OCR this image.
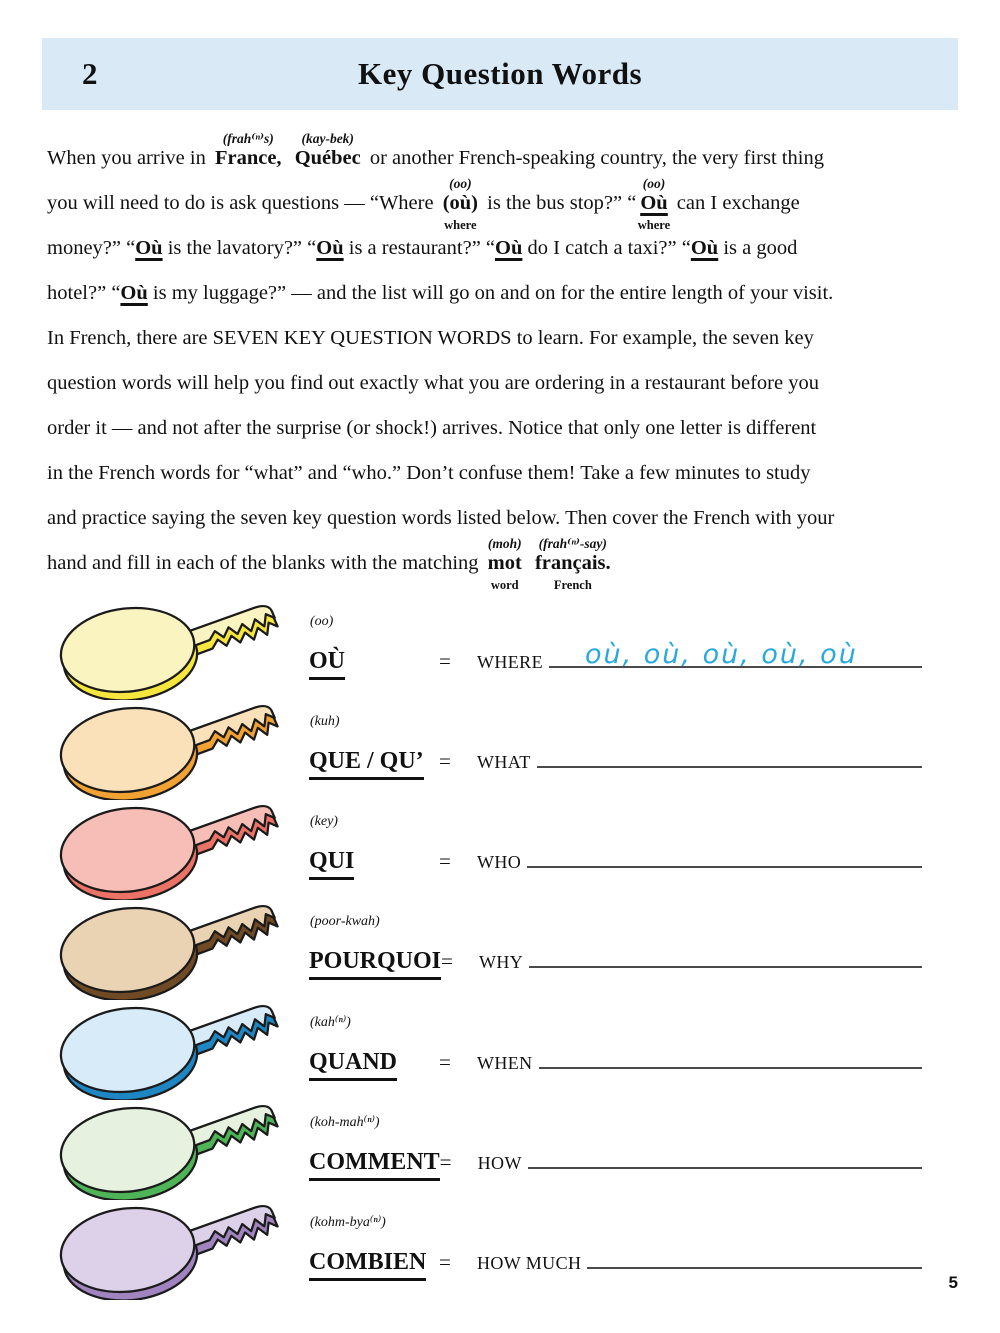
2	Key Question Words
When you arrive in
(frah⁽ⁿ⁾s)
France,
(kay-bek)
Québec or another French-speaking country, the very first thing
you will need to do is ask questions — “Where
(oo)
(où)
where
is the bus stop?” “
(oo)
Où
where
can I exchange
money?” “Où is the lavatory?” “Où is a restaurant?” “Où do I catch a taxi?” “Où is a good
hotel?” “Où is my luggage?” — and the list will go on and on for the entire length of your visit.
In French, there are SEVEN KEY QUESTION WORDS to learn. For example, the seven key
question words will help you find out exactly what you are ordering in a restaurant before you
order it — and not after the surprise (or shock!) arrives. Notice that only one letter is different
in the French words for “what” and “who.” Don’t confuse them! Take a few minutes to study
and practice saying the seven key question words listed below. Then cover the French with your
hand and fill in each of the blanks with the matching
(moh)
mot
word

(frah⁽ⁿ⁾-say)
français.
French
(oo)
OÙ	=	WHERE où, où, où, où, où
(kuh)
QUE / QU’ =	WHAT
(key)
QUI	=	WHO
(poor-kwah)
POURQUOI =	WHY
(kah⁽ⁿ⁾)
QUAND	=	WHEN
(koh-mah⁽ⁿ⁾)
COMMENT =	HOW
(kohm-bya⁽ⁿ⁾)
COMBIEN =	HOW MUCH
5
